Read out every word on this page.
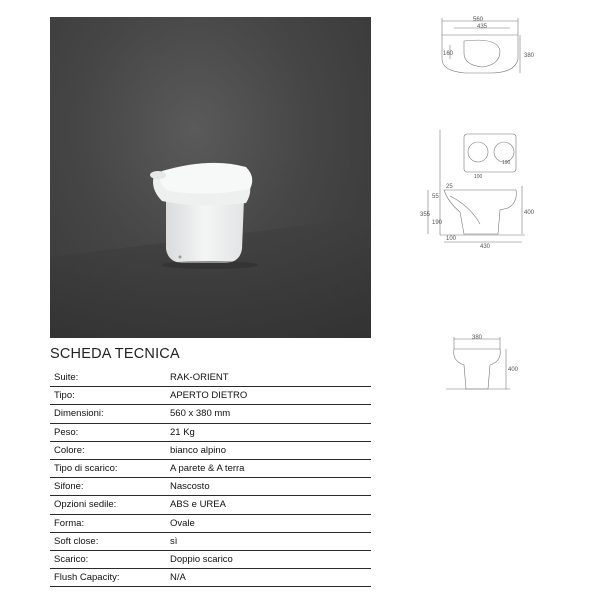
560
435
160	380
25
55
355
190
400
100
430
100
190
380
400
SCHEDA TECNICA
Suite:	RAK-ORIENT
Tipo:	APERTO DIETRO
Dimensioni:	560 x 380 mm
Peso:	21 Kg
Colore:	bianco alpino
Tipo di scarico:	A parete & A terra
Sifone:	Nascosto
Opzioni sedile:	ABS e UREA
Forma:	Ovale
Soft close:	sì
Scarico:	Doppio scarico
Flush Capacity:	N/A
